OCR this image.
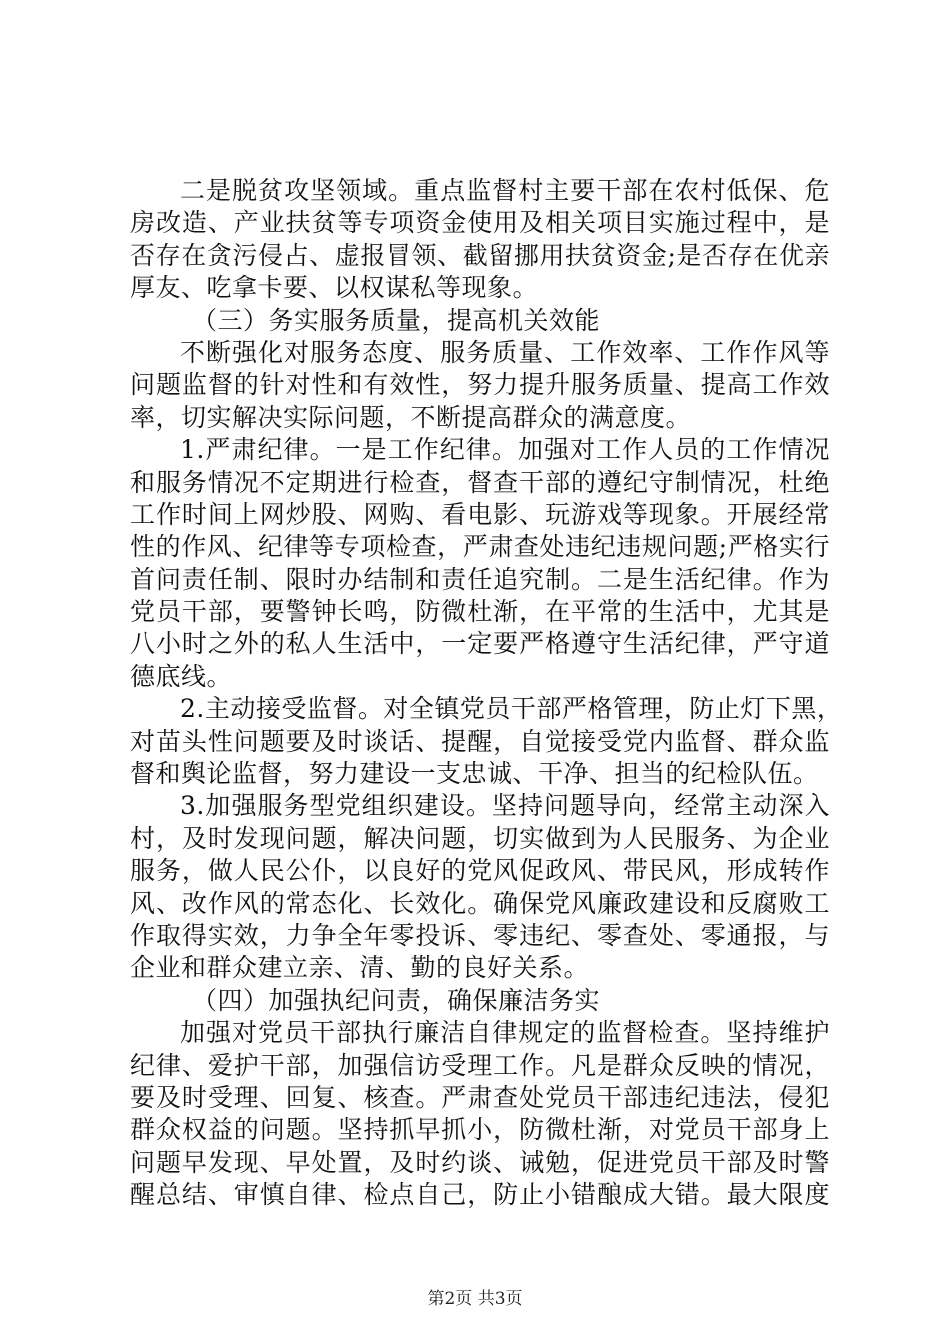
二是脱贫攻坚领域。重点监督村主要干部在农村低保、危
房改造、产业扶贫等专项资金使用及相关项目实施过程中，是
否存在贪污侵占、虚报冒领、截留挪用扶贫资金;是否存在优亲
厚友、吃拿卡要、以权谋私等现象。
（三）务实服务质量，提高机关效能
不断强化对服务态度、服务质量、工作效率、工作作风等
问题监督的针对性和有效性，努力提升服务质量、提高工作效
率，切实解决实际问题，不断提高群众的满意度。
1.严肃纪律。一是工作纪律。加强对工作人员的工作情况
和服务情况不定期进行检查，督查干部的遵纪守制情况，杜绝
工作时间上网炒股、网购、看电影、玩游戏等现象。开展经常
性的作风、纪律等专项检查，严肃查处违纪违规问题;严格实行
首问责任制、限时办结制和责任追究制。二是生活纪律。作为
党员干部，要警钟长鸣，防微杜渐，在平常的生活中，尤其是
八小时之外的私人生活中，一定要严格遵守生活纪律，严守道
德底线。
2.主动接受监督。对全镇党员干部严格管理，防止灯下黑，
对苗头性问题要及时谈话、提醒，自觉接受党内监督、群众监
督和舆论监督，努力建设一支忠诚、干净、担当的纪检队伍。
3.加强服务型党组织建设。坚持问题导向，经常主动深入
村，及时发现问题，解决问题，切实做到为人民服务、为企业
服务，做人民公仆，以良好的党风促政风、带民风，形成转作
风、改作风的常态化、长效化。确保党风廉政建设和反腐败工
作取得实效，力争全年零投诉、零违纪、零查处、零通报，与
企业和群众建立亲、清、勤的良好关系。
（四）加强执纪问责，确保廉洁务实
加强对党员干部执行廉洁自律规定的监督检查。坚持维护
纪律、爱护干部，加强信访受理工作。凡是群众反映的情况，
要及时受理、回复、核查。严肃查处党员干部违纪违法，侵犯
群众权益的问题。坚持抓早抓小，防微杜渐，对党员干部身上
问题早发现、早处置，及时约谈、诫勉，促进党员干部及时警
醒总结、审慎自律、检点自己，防止小错酿成大错。最大限度
第2页 共3页
